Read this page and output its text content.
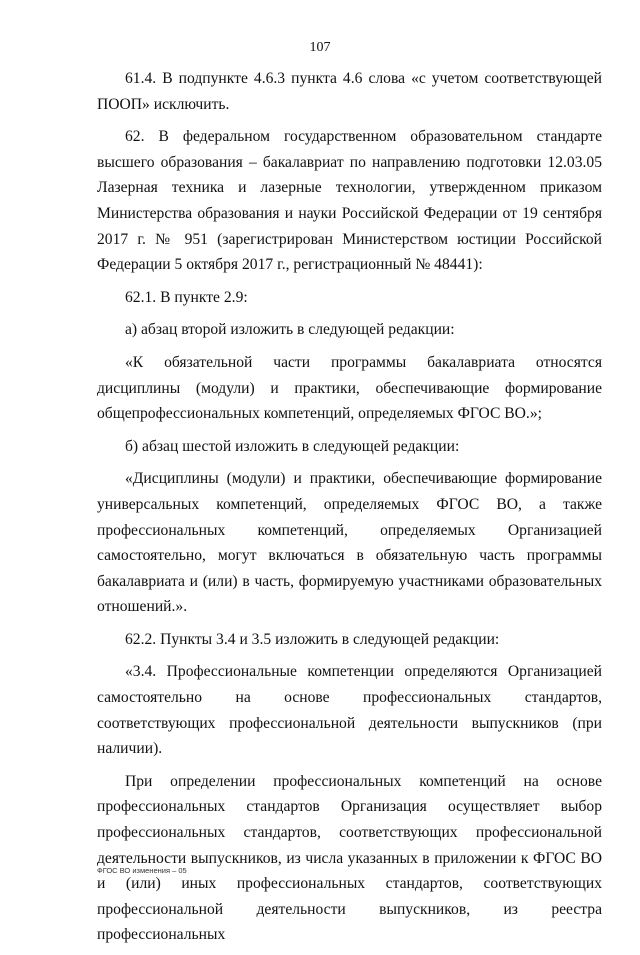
107

61.4. В подпункте 4.6.3 пункта 4.6 слова «с учетом соответствующей ПООП» исключить.

62. В федеральном государственном образовательном стандарте высшего образования – бакалавриат по направлению подготовки 12.03.05 Лазерная техника и лазерные технологии, утвержденном приказом Министерства образования и науки Российской Федерации от 19 сентября 2017 г. № 951 (зарегистрирован Министерством юстиции Российской Федерации 5 октября 2017 г., регистрационный № 48441):

62.1. В пункте 2.9:

а) абзац второй изложить в следующей редакции:

«К обязательной части программы бакалавриата относятся дисциплины (модули) и практики, обеспечивающие формирование общепрофессиональных компетенций, определяемых ФГОС ВО.»;

б) абзац шестой изложить в следующей редакции:

«Дисциплины (модули) и практики, обеспечивающие формирование универсальных компетенций, определяемых ФГОС ВО, а также профессиональных компетенций, определяемых Организацией самостоятельно, могут включаться в обязательную часть программы бакалавриата и (или) в часть, формируемую участниками образовательных отношений.».

62.2. Пункты 3.4 и 3.5 изложить в следующей редакции:

«3.4. Профессиональные компетенции определяются Организацией самостоятельно на основе профессиональных стандартов, соответствующих профессиональной деятельности выпускников (при наличии).

При определении профессиональных компетенций на основе профессиональных стандартов Организация осуществляет выбор профессиональных стандартов, соответствующих профессиональной деятельности выпускников, из числа указанных в приложении к ФГОС ВО и (или) иных профессиональных стандартов, соответствующих профессиональной деятельности выпускников, из реестра профессиональных

ФГОС ВО изменения – 05
